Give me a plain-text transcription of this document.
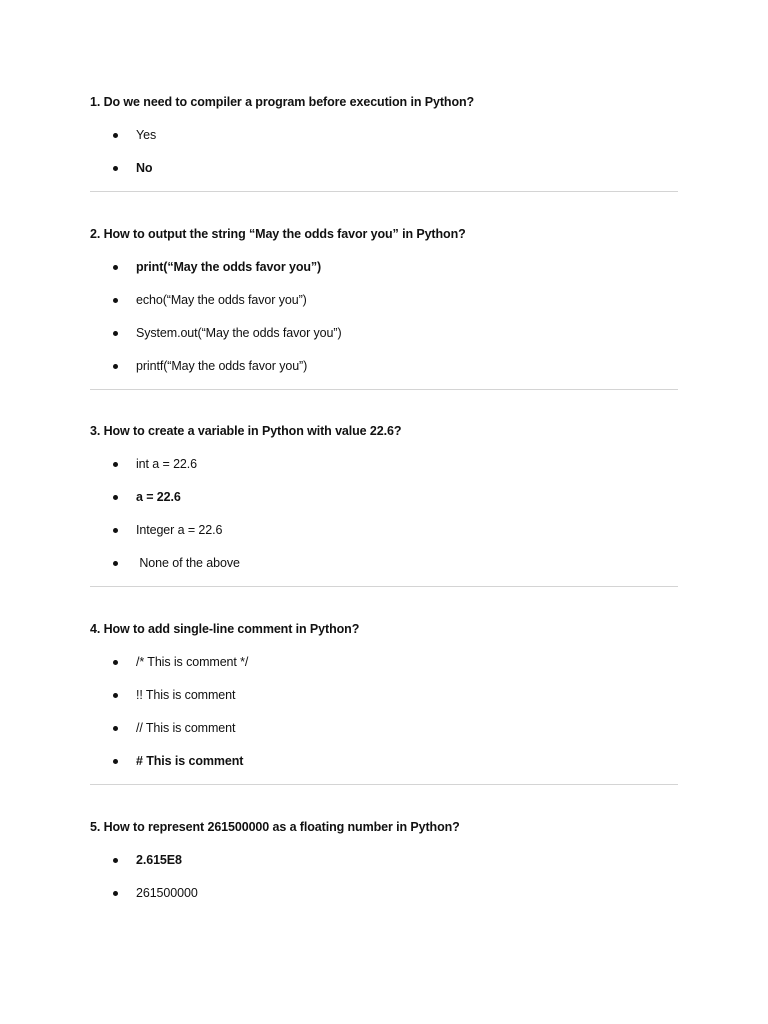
1. Do we need to compiler a program before execution in Python?
Yes
No
2. How to output the string “May the odds favor you” in Python?
print(“May the odds favor you”)
echo(“May the odds favor you”)
System.out(“May the odds favor you”)
printf(“May the odds favor you”)
3. How to create a variable in Python with value 22.6?
int a = 22.6
a = 22.6
Integer a = 22.6
None of the above
4. How to add single-line comment in Python?
/* This is comment */
!! This is comment
// This is comment
# This is comment
5. How to represent 261500000 as a floating number in Python?
2.615E8
261500000
